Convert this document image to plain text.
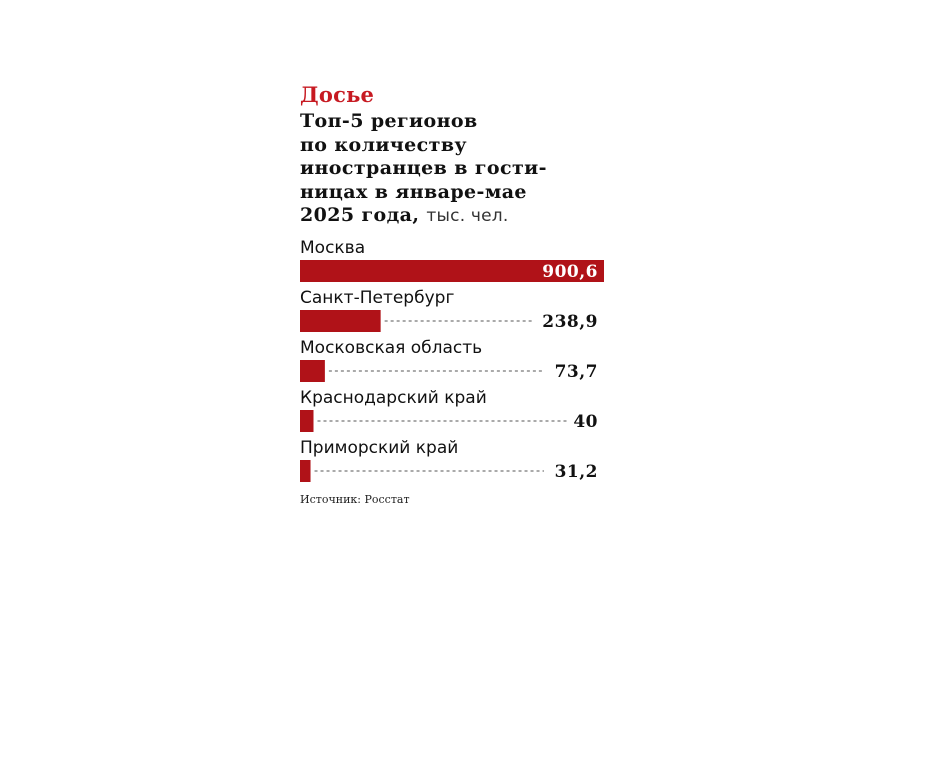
Досье
Топ-5 регионов
по количеству
иностранцев в гости-
ницах в январе-мае
2025 года, тыс. чел.
Москва
900,6
Санкт-Петербург
238,9
Московская область
73,7
Краснодарский край
40
Приморский край
31,2
Источник: Росстат
